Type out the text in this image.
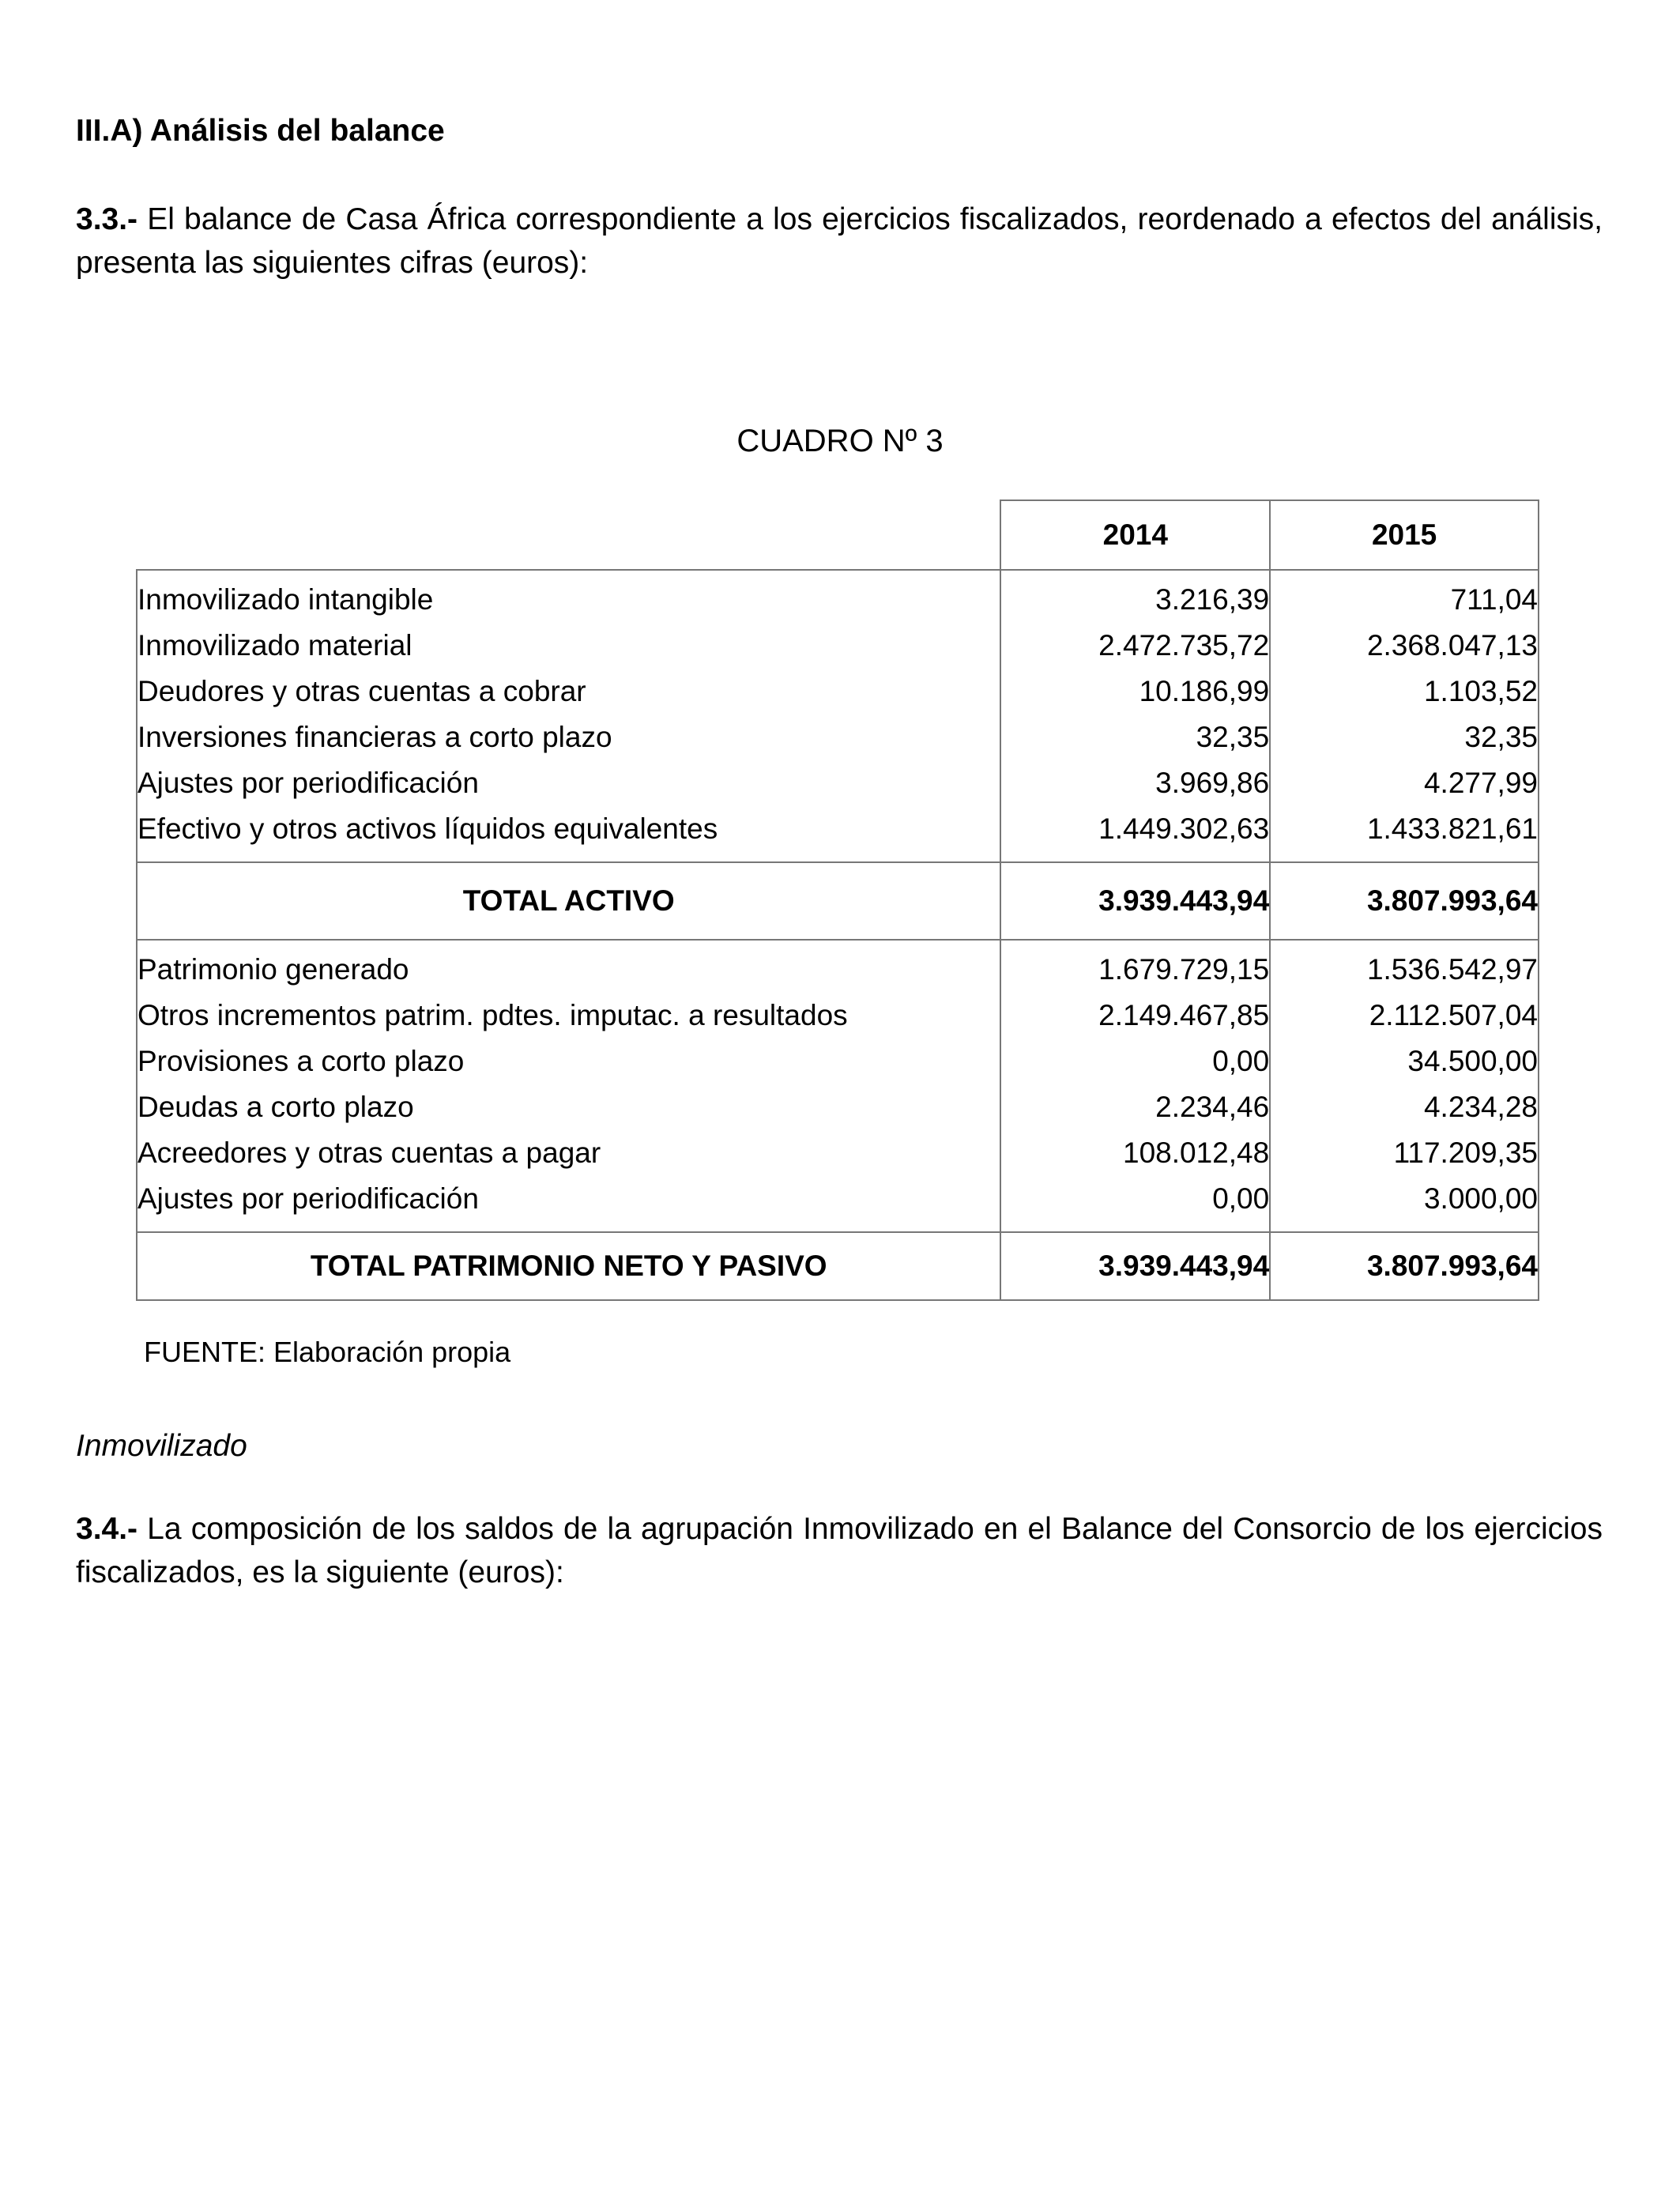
III.A) Análisis del balance

3.3.- El balance de Casa África correspondiente a los ejercicios fiscalizados, reordenado a efectos del análisis, presenta las siguientes cifras (euros):

CUADRO Nº 3

	2014	2015
Inmovilizado intangible	3.216,39	711,04
Inmovilizado material	2.472.735,72	2.368.047,13
Deudores y otras cuentas a cobrar	10.186,99	1.103,52
Inversiones financieras a corto plazo	32,35	32,35
Ajustes por periodificación	3.969,86	4.277,99
Efectivo y otros activos líquidos equivalentes	1.449.302,63	1.433.821,61
TOTAL ACTIVO	3.939.443,94	3.807.993,64
Patrimonio generado	1.679.729,15	1.536.542,97
Otros incrementos patrim. pdtes. imputac. a resultados	2.149.467,85	2.112.507,04
Provisiones a corto plazo	0,00	34.500,00
Deudas a corto plazo	2.234,46	4.234,28
Acreedores y otras cuentas a pagar	108.012,48	117.209,35
Ajustes por periodificación	0,00	3.000,00
TOTAL PATRIMONIO NETO Y PASIVO	3.939.443,94	3.807.993,64

FUENTE: Elaboración propia

Inmovilizado

3.4.- La composición de los saldos de la agrupación Inmovilizado en el Balance del Consorcio de los ejercicios fiscalizados, es la siguiente (euros):
